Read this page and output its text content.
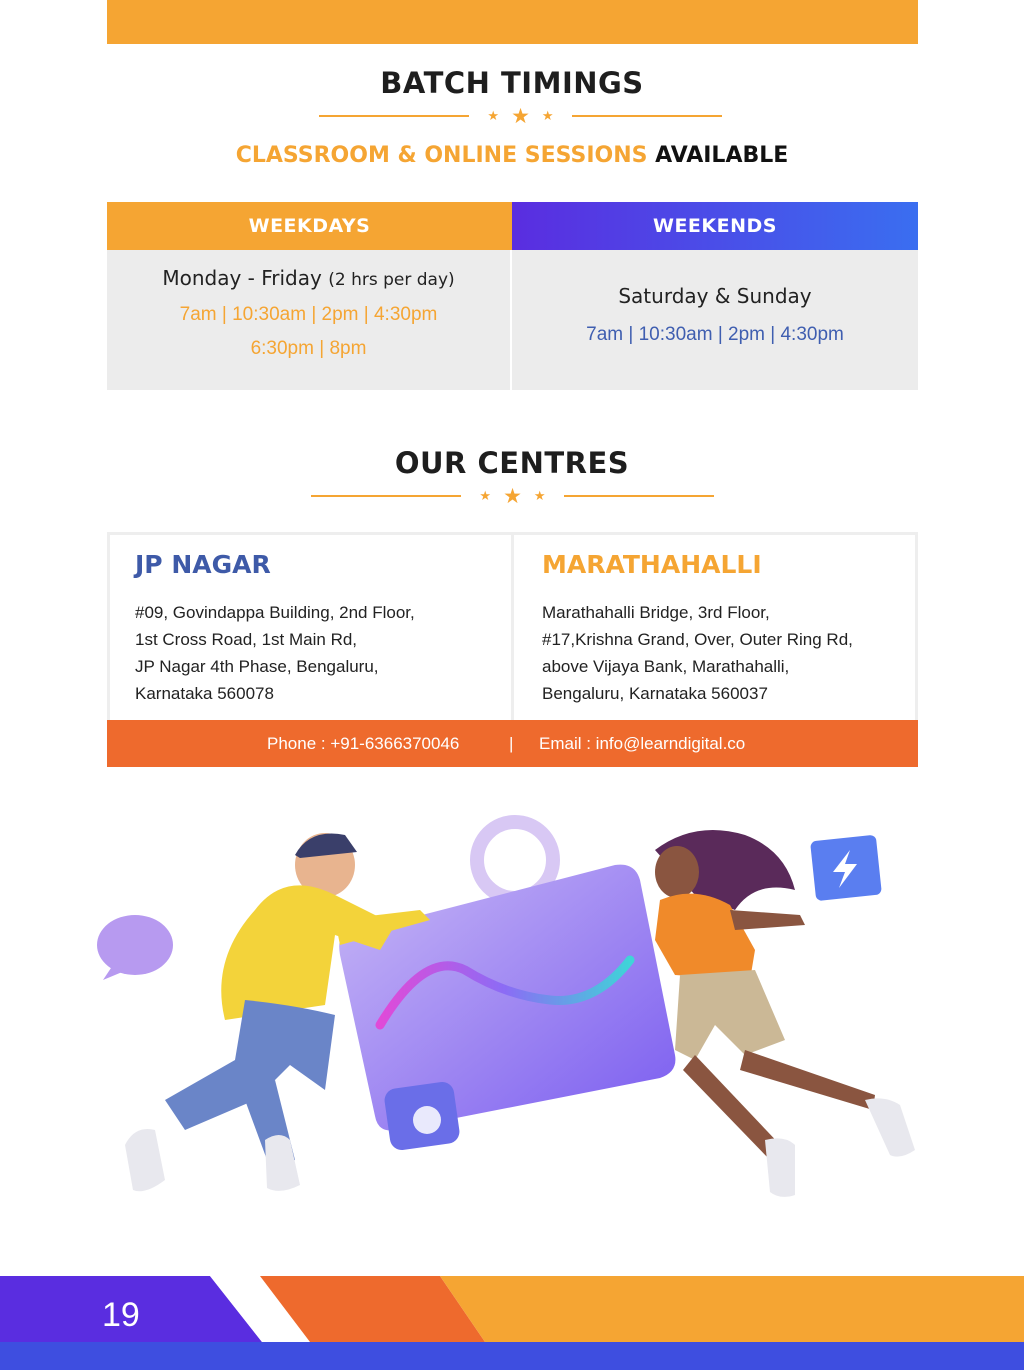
BATCH TIMINGS
★ ★ ★
CLASSROOM & ONLINE SESSIONS AVAILABLE
WEEKDAYS
Monday - Friday (2 hrs per day)
7am | 10:30am | 2pm | 4:30pm
6:30pm | 8pm
WEEKENDS
Saturday & Sunday
7am | 10:30am | 2pm | 4:30pm
OUR CENTRES
★ ★ ★
JP NAGAR
#09, Govindappa Building, 2nd Floor,
1st Cross Road, 1st Main Rd,
JP Nagar 4th Phase, Bengaluru,
Karnataka 560078
MARATHAHALLI
Marathahalli Bridge, 3rd Floor,
#17,Krishna Grand, Over, Outer Ring Rd,
above Vijaya Bank, Marathahalli,
Bengaluru, Karnataka 560037
Phone : +91-6366370046	| Email : info@learndigital.co
19
